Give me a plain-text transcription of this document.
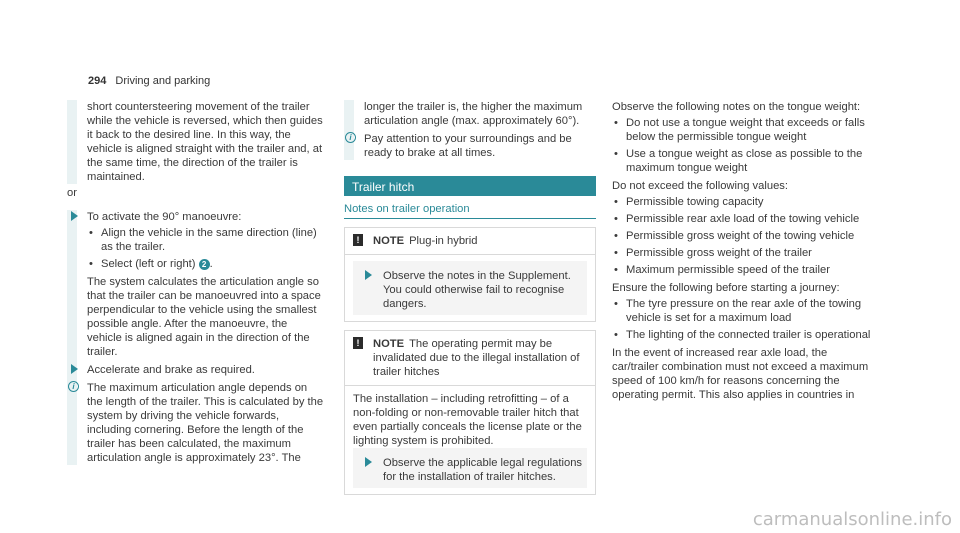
294 Driving and parking

short countersteering movement of the trailer while the vehicle is reversed, which then guides it back to the desired line. In this way, the vehicle is aligned straight with the trailer and, at the same time, the direction of the trailer is maintained.

or

To activate the 90° manoeuvre:
• Align the vehicle in the same direction (line) as the trailer.
• Select (left or right) 2 .

The system calculates the articulation angle so that the trailer can be manoeuvred into a space perpendicular to the vehicle using the smallest possible angle. After the manoeuvre, the vehicle is aligned again in the direction of the trailer.

Accelerate and brake as required.
i	The maximum articulation angle depends on the length of the trailer. This is calculated by the system by driving the vehicle forwards, including cornering. Before the length of the trailer has been calculated, the maximum articulation angle is approximately 23°. The

longer the trailer is, the higher the maximum articulation angle (max. approximately 60°).

i	Pay attention to your surroundings and be ready to brake at all times.

Trailer hitch
Notes on trailer operation
!	NOTE Plug-in hybrid
Observe the notes in the Supplement. You could otherwise fail to recognise dangers.
!	NOTE The operating permit may be invalidated due to the illegal installation of trailer hitches

The installation – including retrofitting – of a non-folding or non-removable trailer hitch that even partially conceals the license plate or the lighting system is prohibited.

Observe the applicable legal regulations for the installation of trailer hitches.

Observe the following notes on the tongue weight:

• Do not use a tongue weight that exceeds or falls below the permissible tongue weight
• Use a tongue weight as close as possible to the maximum tongue weight

Do not exceed the following values:

• Permissible towing capacity
• Permissible rear axle load of the towing vehicle
• Permissible gross weight of the towing vehicle
• Permissible gross weight of the trailer
• Maximum permissible speed of the trailer

Ensure the following before starting a journey:

• The tyre pressure on the rear axle of the towing vehicle is set for a maximum load
• The lighting of the connected trailer is operational

In the event of increased rear axle load, the car/trailer combination must not exceed a maximum speed of 100 km/h for reasons concerning the operating permit. This also applies in countries in

carmanualsonline.info
